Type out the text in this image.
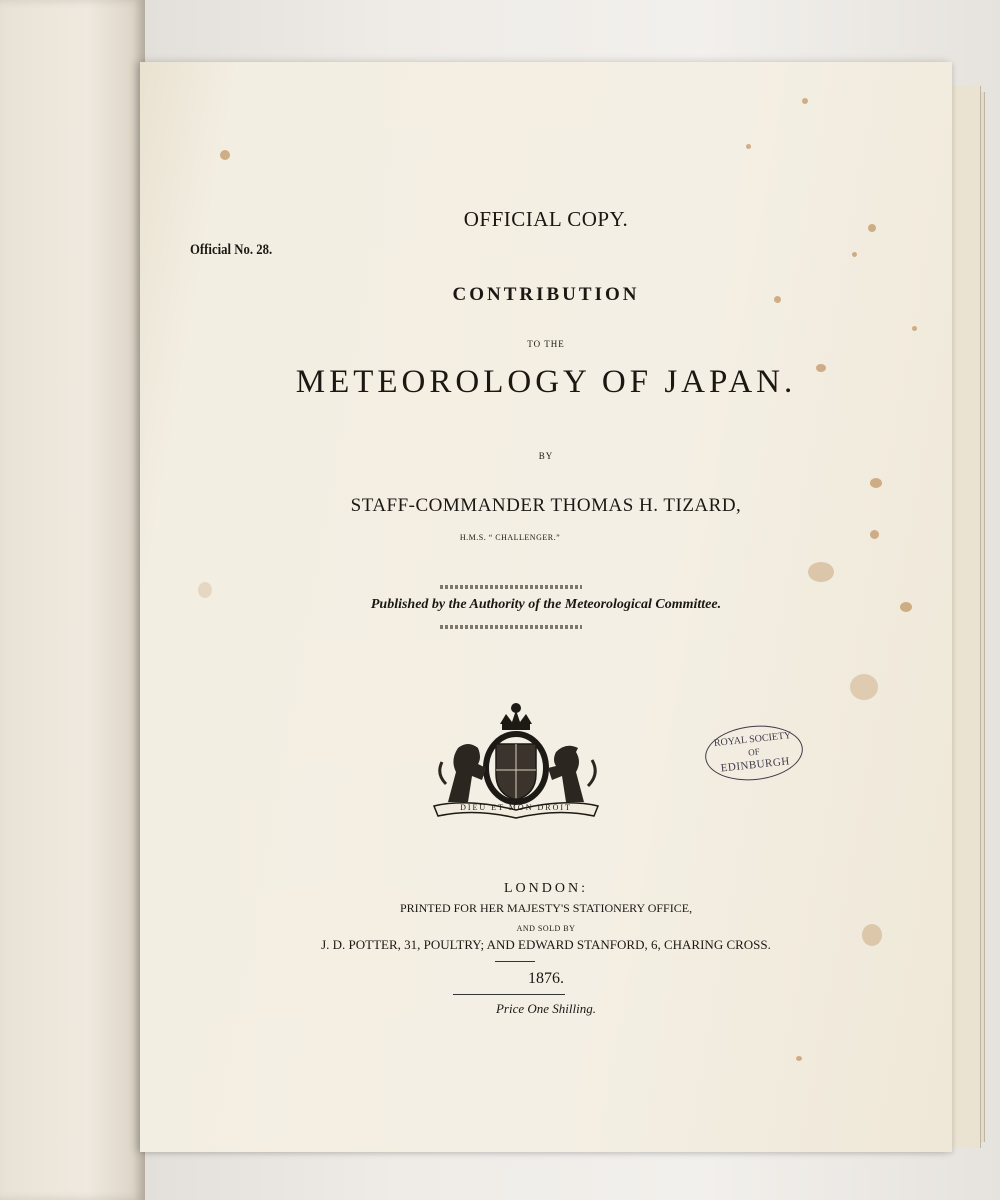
Official No. 28.
OFFICIAL COPY.
CONTRIBUTION
TO THE
METEOROLOGY OF JAPAN.
BY
STAFF-COMMANDER THOMAS H. TIZARD,
H.M.S. “ CHALLENGER.”
Published by the Authority of the Meteorological Committee.
DIEU ET MON DROIT
ROYAL SOCIETY
OF
EDINBURGH
LONDON:
PRINTED FOR HER MAJESTY'S STATIONERY OFFICE,
AND SOLD BY
J. D. POTTER, 31, POULTRY; AND EDWARD STANFORD, 6, CHARING CROSS.
1876.
Price One Shilling.
